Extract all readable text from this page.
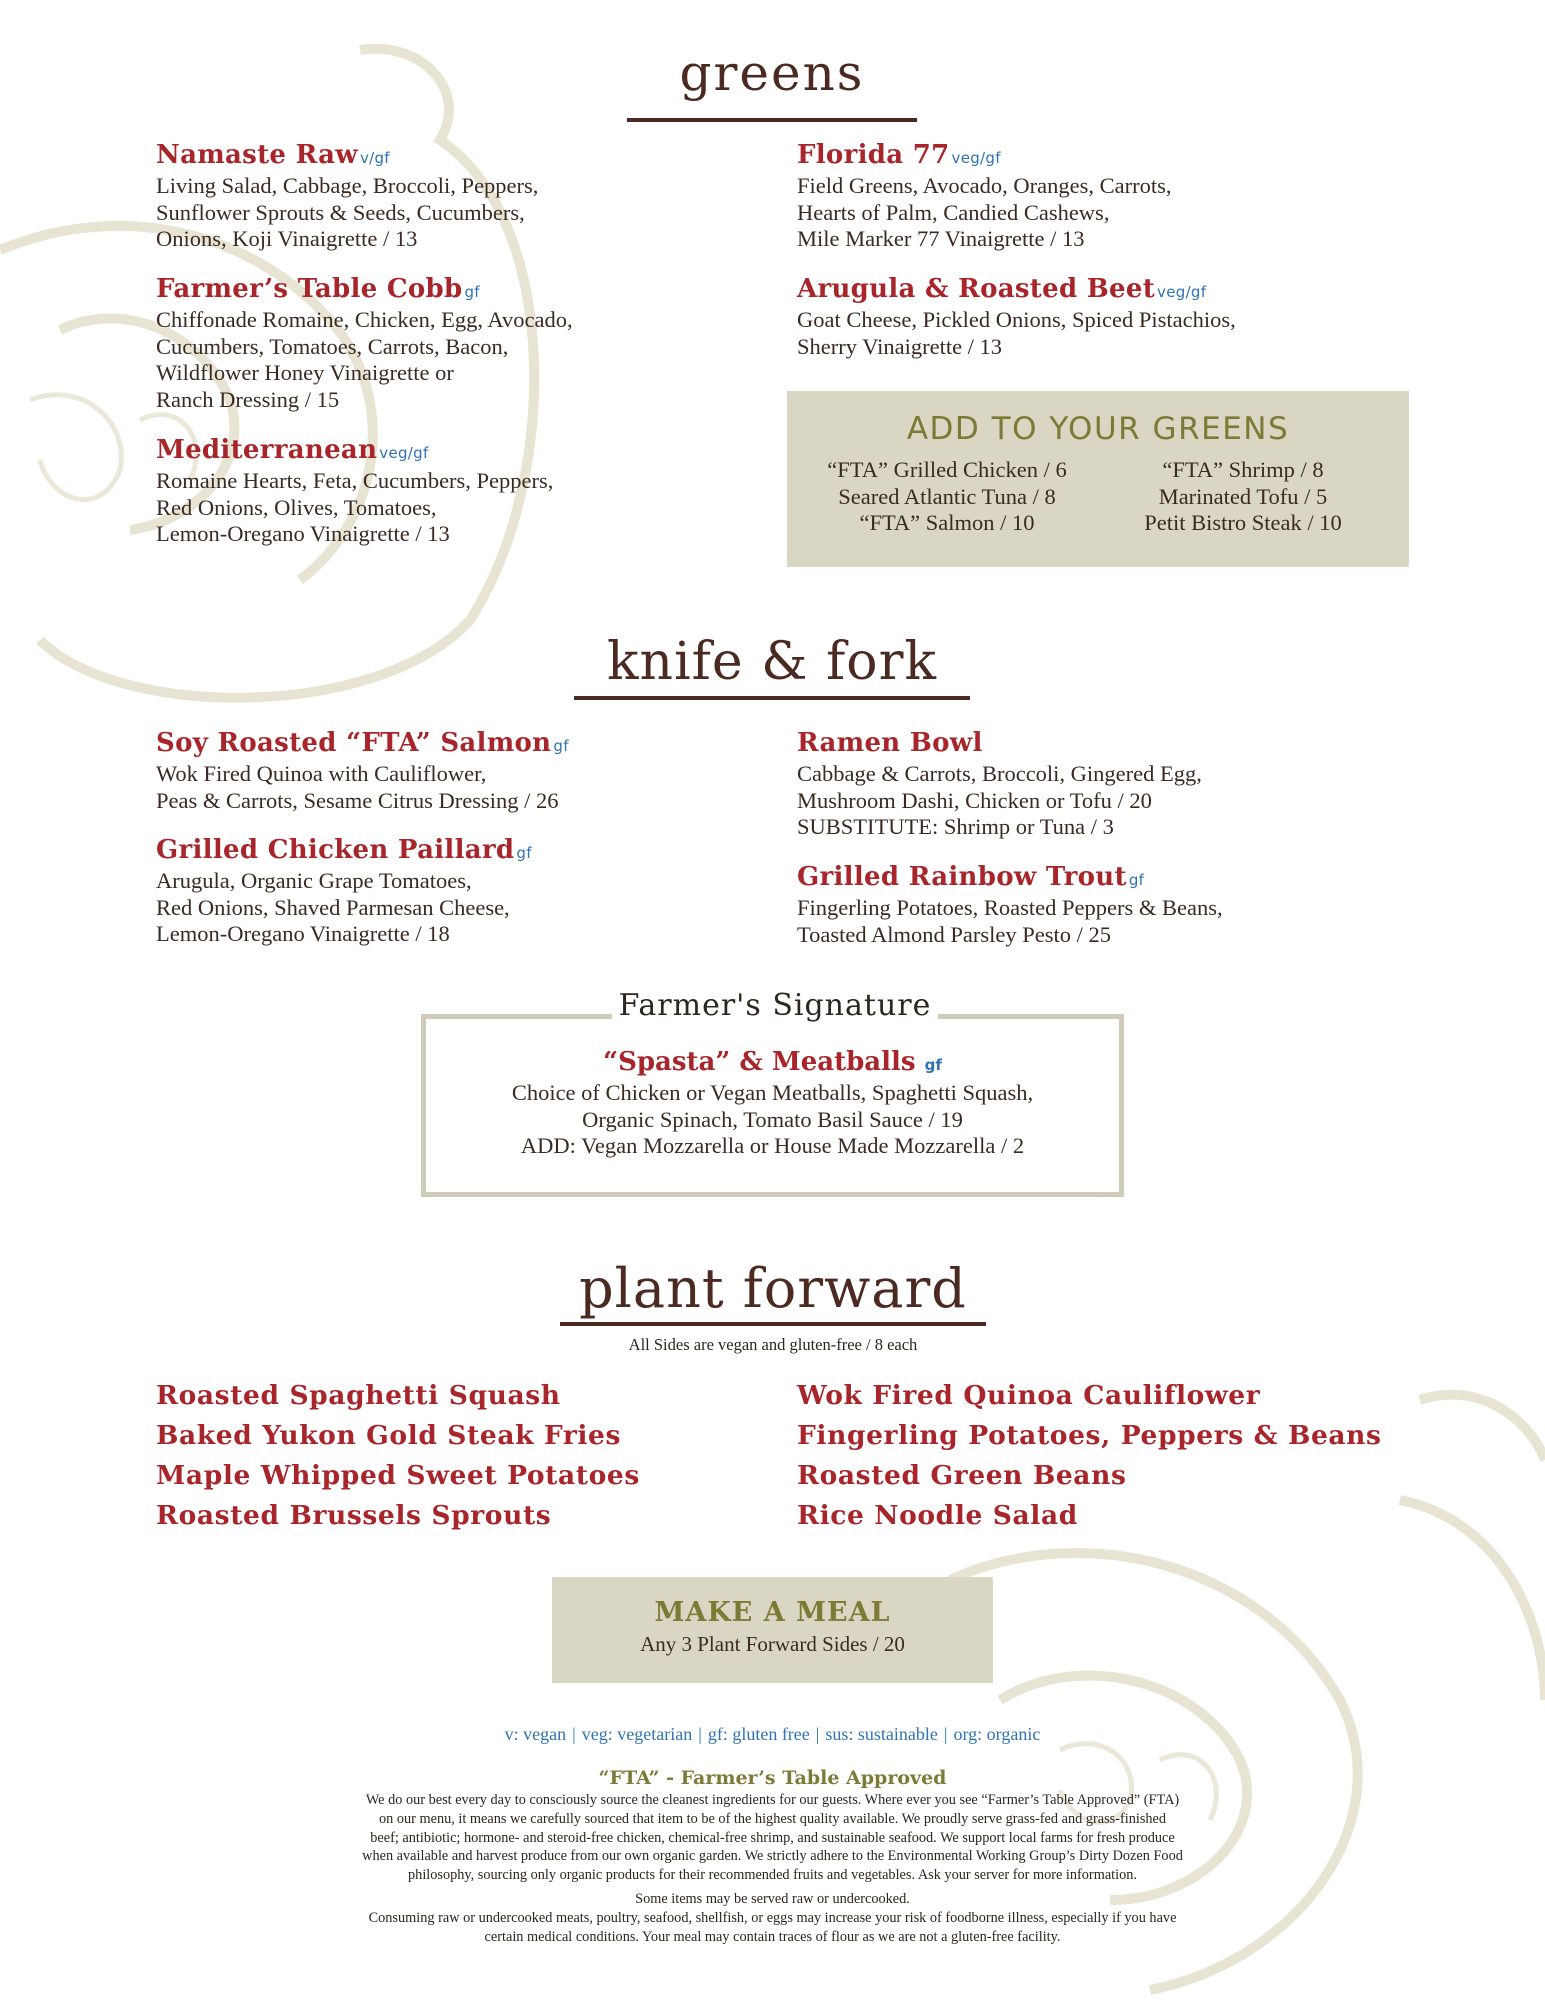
greens
Namaste Raw v/gf
Living Salad, Cabbage, Broccoli, Peppers,
Sunflower Sprouts & Seeds, Cucumbers,
Onions, Koji Vinaigrette / 13
Farmer’s Table Cobb gf
Chiffonade Romaine, Chicken, Egg, Avocado,
Cucumbers, Tomatoes, Carrots, Bacon,
Wildflower Honey Vinaigrette or
Ranch Dressing / 15
Mediterranean veg/gf
Romaine Hearts, Feta, Cucumbers, Peppers,
Red Onions, Olives, Tomatoes,
Lemon-Oregano Vinaigrette / 13
Florida 77 veg/gf
Field Greens, Avocado, Oranges, Carrots,
Hearts of Palm, Candied Cashews,
Mile Marker 77 Vinaigrette / 13
Arugula & Roasted Beet veg/gf
Goat Cheese, Pickled Onions, Spiced Pistachios,
Sherry Vinaigrette / 13
ADD TO YOUR GREENS
“FTA” Grilled Chicken / 6
Seared Atlantic Tuna / 8
“FTA” Salmon / 10
“FTA” Shrimp / 8
Marinated Tofu / 5
Petit Bistro Steak / 10
knife & fork
Soy Roasted “FTA” Salmon gf
Wok Fired Quinoa with Cauliflower,
Peas & Carrots, Sesame Citrus Dressing / 26
Grilled Chicken Paillard gf
Arugula, Organic Grape Tomatoes,
Red Onions, Shaved Parmesan Cheese,
Lemon-Oregano Vinaigrette / 18
Ramen Bowl
Cabbage & Carrots, Broccoli, Gingered Egg,
Mushroom Dashi, Chicken or Tofu / 20
SUBSTITUTE: Shrimp or Tuna / 3
Grilled Rainbow Trout gf
Fingerling Potatoes, Roasted Peppers & Beans,
Toasted Almond Parsley Pesto / 25
Farmer's Signature
“Spasta” & Meatballs gf
Choice of Chicken or Vegan Meatballs, Spaghetti Squash,
Organic Spinach, Tomato Basil Sauce / 19
ADD: Vegan Mozzarella or House Made Mozzarella / 2
plant forward
All Sides are vegan and gluten-free / 8 each
Roasted Spaghetti Squash
Baked Yukon Gold Steak Fries
Maple Whipped Sweet Potatoes
Roasted Brussels Sprouts
Wok Fired Quinoa Cauliflower
Fingerling Potatoes, Peppers & Beans
Roasted Green Beans
Rice Noodle Salad
MAKE A MEAL
Any 3 Plant Forward Sides / 20
v: vegan | veg: vegetarian | gf: gluten free | sus: sustainable | org: organic
“FTA” - Farmer’s Table Approved
We do our best every day to consciously source the cleanest ingredients for our guests. Where ever you see “Farmer’s Table Approved” (FTA)
on our menu, it means we carefully sourced that item to be of the highest quality available. We proudly serve grass-fed and grass-finished
beef; antibiotic; hormone- and steroid-free chicken, chemical-free shrimp, and sustainable seafood. We support local farms for fresh produce
when available and harvest produce from our own organic garden. We strictly adhere to the Environmental Working Group’s Dirty Dozen Food
philosophy, sourcing only organic products for their recommended fruits and vegetables. Ask your server for more information.
Some items may be served raw or undercooked.
Consuming raw or undercooked meats, poultry, seafood, shellfish, or eggs may increase your risk of foodborne illness, especially if you have
certain medical conditions. Your meal may contain traces of flour as we are not a gluten-free facility.
